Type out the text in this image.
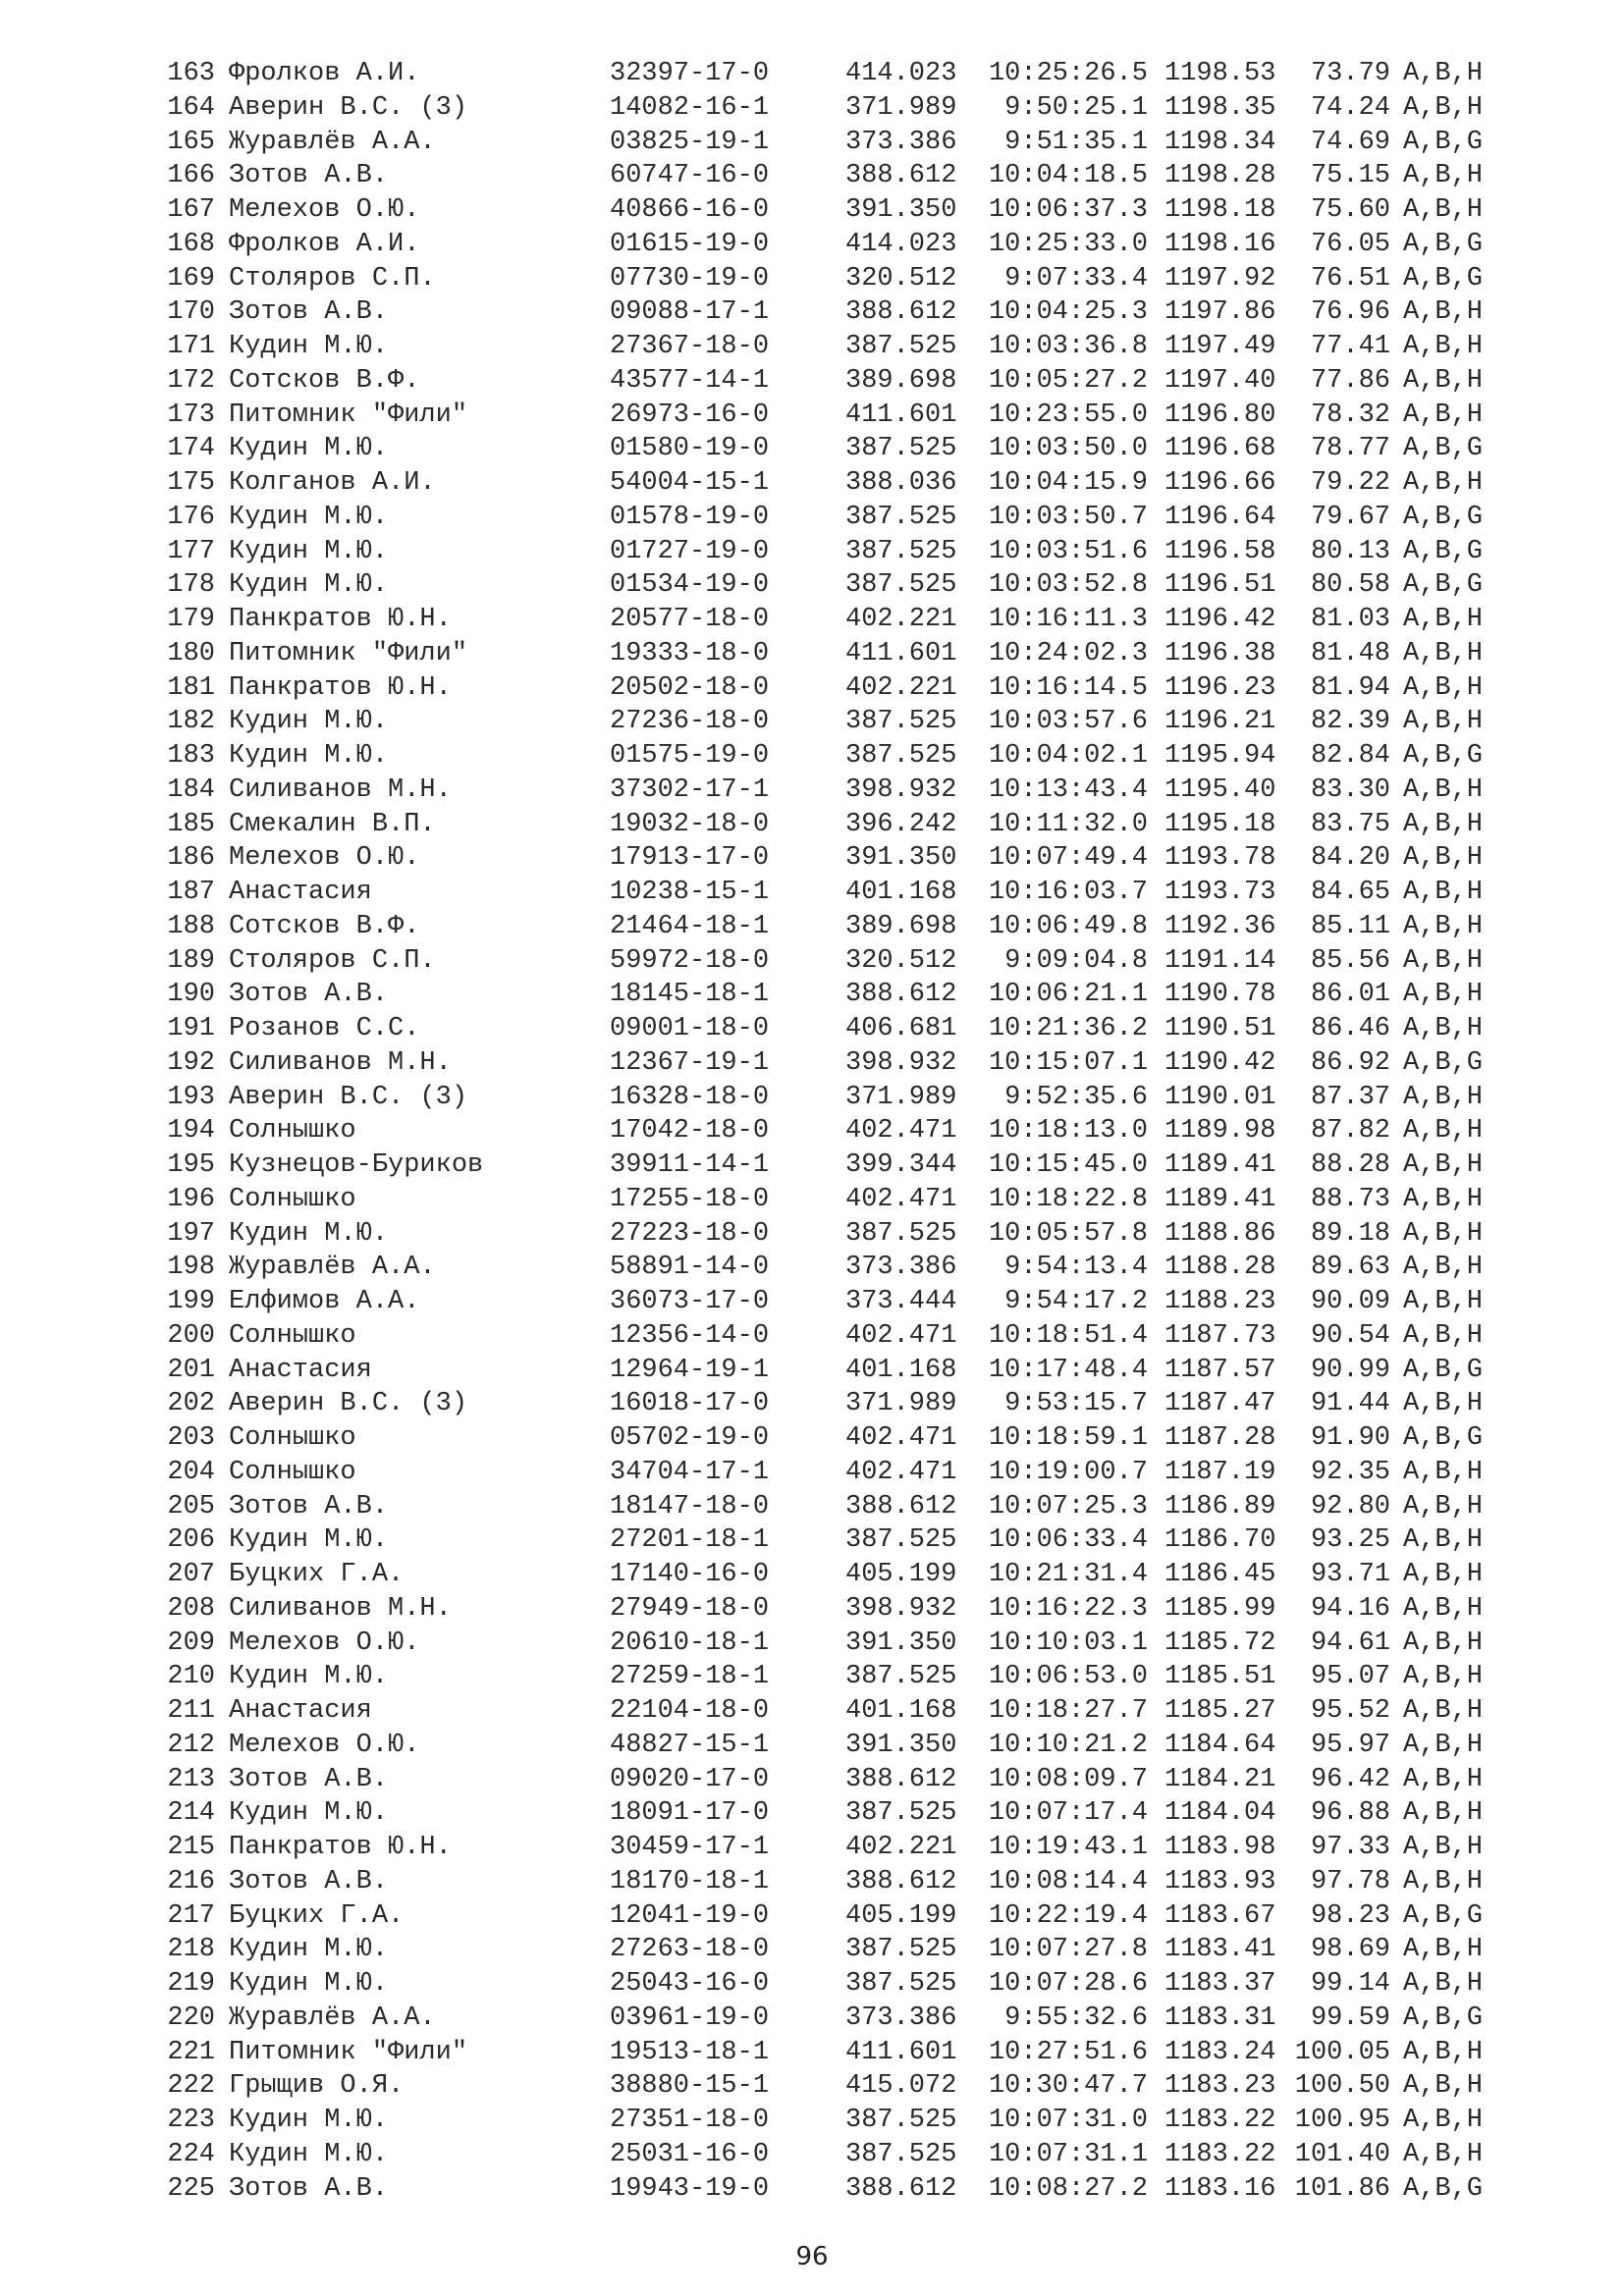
163 Фролков А.И.	32397-17-0	414.023	10:25:26.5 1198.53	73.79 A,B,H
164 Аверин В.С. (3)	14082-16-1	371.989	9:50:25.1 1198.35	74.24 A,B,H
165 Журавлёв А.А.	03825-19-1	373.386	9:51:35.1 1198.34	74.69 A,B,G
166 Зотов А.В.	60747-16-0	388.612	10:04:18.5 1198.28	75.15 A,B,H
167 Мелехов О.Ю.	40866-16-0	391.350	10:06:37.3 1198.18	75.60 A,B,H
168 Фролков А.И.	01615-19-0	414.023	10:25:33.0 1198.16	76.05 A,B,G
169 Столяров С.П.	07730-19-0	320.512	9:07:33.4 1197.92	76.51 A,B,G
170 Зотов А.В.	09088-17-1	388.612	10:04:25.3 1197.86	76.96 A,B,H
171 Кудин М.Ю.	27367-18-0	387.525	10:03:36.8 1197.49	77.41 A,B,H
172 Сотсков В.Ф.	43577-14-1	389.698	10:05:27.2 1197.40	77.86 A,B,H
173 Питомник "Фили"	26973-16-0	411.601	10:23:55.0 1196.80	78.32 A,B,H
174 Кудин М.Ю.	01580-19-0	387.525	10:03:50.0 1196.68	78.77 A,B,G
175 Колганов А.И.	54004-15-1	388.036	10:04:15.9 1196.66	79.22 A,B,H
176 Кудин М.Ю.	01578-19-0	387.525	10:03:50.7 1196.64	79.67 A,B,G
177 Кудин М.Ю.	01727-19-0	387.525	10:03:51.6 1196.58	80.13 A,B,G
178 Кудин М.Ю.	01534-19-0	387.525	10:03:52.8 1196.51	80.58 A,B,G
179 Панкратов Ю.Н.	20577-18-0	402.221	10:16:11.3 1196.42	81.03 A,B,H
180 Питомник "Фили"	19333-18-0	411.601	10:24:02.3 1196.38	81.48 A,B,H
181 Панкратов Ю.Н.	20502-18-0	402.221	10:16:14.5 1196.23	81.94 A,B,H
182 Кудин М.Ю.	27236-18-0	387.525	10:03:57.6 1196.21	82.39 A,B,H
183 Кудин М.Ю.	01575-19-0	387.525	10:04:02.1 1195.94	82.84 A,B,G
184 Силиванов М.Н.	37302-17-1	398.932	10:13:43.4 1195.40	83.30 A,B,H
185 Смекалин В.П.	19032-18-0	396.242	10:11:32.0 1195.18	83.75 A,B,H
186 Мелехов О.Ю.	17913-17-0	391.350	10:07:49.4 1193.78	84.20 A,B,H
187 Анастасия	10238-15-1	401.168	10:16:03.7 1193.73	84.65 A,B,H
188 Сотсков В.Ф.	21464-18-1	389.698	10:06:49.8 1192.36	85.11 A,B,H
189 Столяров С.П.	59972-18-0	320.512	9:09:04.8 1191.14	85.56 A,B,H
190 Зотов А.В.	18145-18-1	388.612	10:06:21.1 1190.78	86.01 A,B,H
191 Розанов С.С.	09001-18-0	406.681	10:21:36.2 1190.51	86.46 A,B,H
192 Силиванов М.Н.	12367-19-1	398.932	10:15:07.1 1190.42	86.92 A,B,G
193 Аверин В.С. (3)	16328-18-0	371.989	9:52:35.6 1190.01	87.37 A,B,H
194 Солнышко	17042-18-0	402.471	10:18:13.0 1189.98	87.82 A,B,H
195 Кузнецов-Буриков	39911-14-1	399.344	10:15:45.0 1189.41	88.28 A,B,H
196 Солнышко	17255-18-0	402.471	10:18:22.8 1189.41	88.73 A,B,H
197 Кудин М.Ю.	27223-18-0	387.525	10:05:57.8 1188.86	89.18 A,B,H
198 Журавлёв А.А.	58891-14-0	373.386	9:54:13.4 1188.28	89.63 A,B,H
199 Елфимов А.А.	36073-17-0	373.444	9:54:17.2 1188.23	90.09 A,B,H
200 Солнышко	12356-14-0	402.471	10:18:51.4 1187.73	90.54 A,B,H
201 Анастасия	12964-19-1	401.168	10:17:48.4 1187.57	90.99 A,B,G
202 Аверин В.С. (3)	16018-17-0	371.989	9:53:15.7 1187.47	91.44 A,B,H
203 Солнышко	05702-19-0	402.471	10:18:59.1 1187.28	91.90 A,B,G
204 Солнышко	34704-17-1	402.471	10:19:00.7 1187.19	92.35 A,B,H
205 Зотов А.В.	18147-18-0	388.612	10:07:25.3 1186.89	92.80 A,B,H
206 Кудин М.Ю.	27201-18-1	387.525	10:06:33.4 1186.70	93.25 A,B,H
207 Буцких Г.А.	17140-16-0	405.199	10:21:31.4 1186.45	93.71 A,B,H
208 Силиванов М.Н.	27949-18-0	398.932	10:16:22.3 1185.99	94.16 A,B,H
209 Мелехов О.Ю.	20610-18-1	391.350	10:10:03.1 1185.72	94.61 A,B,H
210 Кудин М.Ю.	27259-18-1	387.525	10:06:53.0 1185.51	95.07 A,B,H
211 Анастасия	22104-18-0	401.168	10:18:27.7 1185.27	95.52 A,B,H
212 Мелехов О.Ю.	48827-15-1	391.350	10:10:21.2 1184.64	95.97 A,B,H
213 Зотов А.В.	09020-17-0	388.612	10:08:09.7 1184.21	96.42 A,B,H
214 Кудин М.Ю.	18091-17-0	387.525	10:07:17.4 1184.04	96.88 A,B,H
215 Панкратов Ю.Н.	30459-17-1	402.221	10:19:43.1 1183.98	97.33 A,B,H
216 Зотов А.В.	18170-18-1	388.612	10:08:14.4 1183.93	97.78 A,B,H
217 Буцких Г.А.	12041-19-0	405.199	10:22:19.4 1183.67	98.23 A,B,G
218 Кудин М.Ю.	27263-18-0	387.525	10:07:27.8 1183.41	98.69 A,B,H
219 Кудин М.Ю.	25043-16-0	387.525	10:07:28.6 1183.37	99.14 A,B,H
220 Журавлёв А.А.	03961-19-0	373.386	9:55:32.6 1183.31	99.59 A,B,G
221 Питомник "Фили"	19513-18-1	411.601	10:27:51.6 1183.24 100.05 A,B,H
222 Грыщив О.Я.	38880-15-1	415.072	10:30:47.7 1183.23 100.50 A,B,H
223 Кудин М.Ю.	27351-18-0	387.525	10:07:31.0 1183.22 100.95 A,B,H
224 Кудин М.Ю.	25031-16-0	387.525	10:07:31.1 1183.22 101.40 A,B,H
225 Зотов А.В.	19943-19-0	388.612	10:08:27.2 1183.16 101.86 A,B,G
96
